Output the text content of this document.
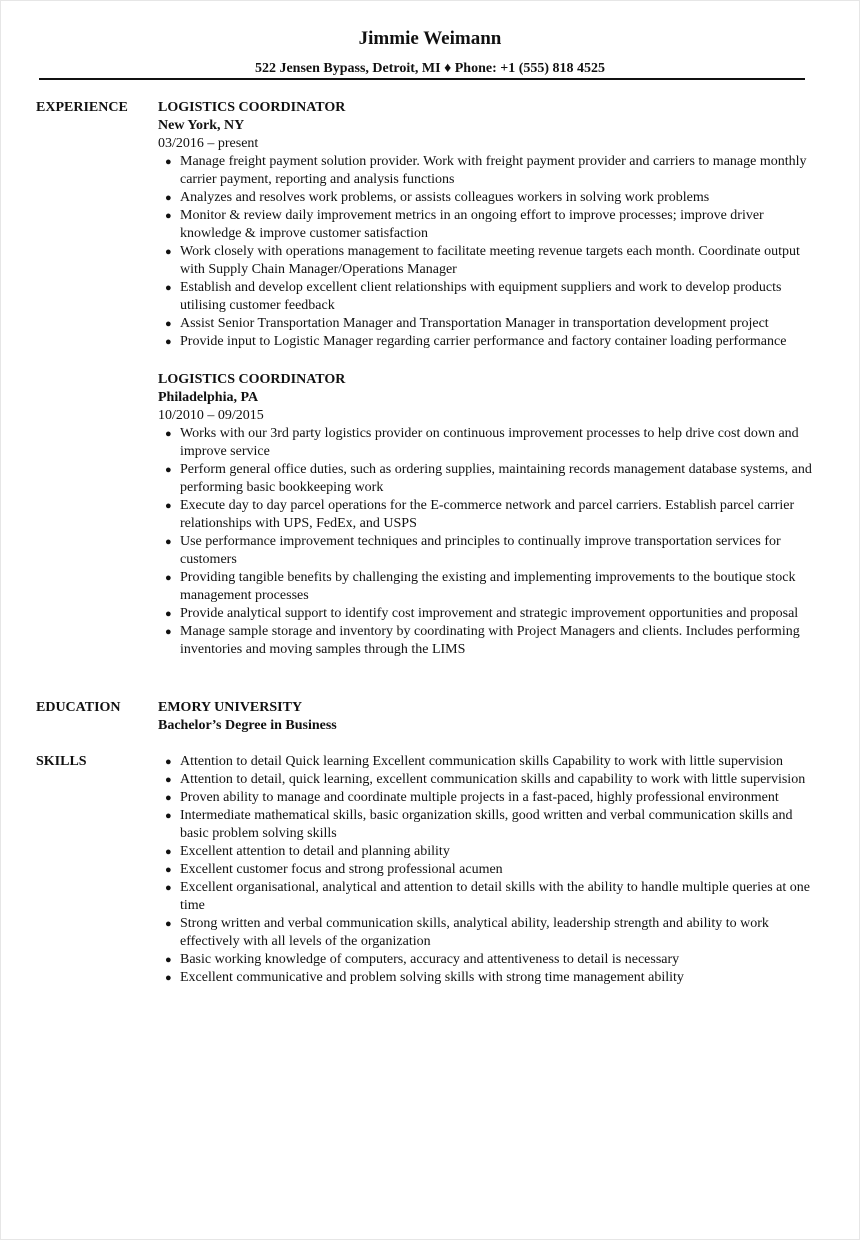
Jimmie Weimann
522 Jensen Bypass, Detroit, MI ♦ Phone: +1 (555) 818 4525
EXPERIENCE	LOGISTICS COORDINATOR
New York, NY
03/2016 – present
● Manage freight payment solution provider. Work with freight payment provider and carriers to manage monthly carrier payment, reporting and analysis functions
● Analyzes and resolves work problems, or assists colleagues workers in solving work problems
● Monitor & review daily improvement metrics in an ongoing effort to improve processes; improve driver knowledge & improve customer satisfaction
● Work closely with operations management to facilitate meeting revenue targets each month. Coordinate output with Supply Chain Manager/Operations Manager
● Establish and develop excellent client relationships with equipment suppliers and work to develop products utilising customer feedback
● Assist Senior Transportation Manager and Transportation Manager in transportation development project
● Provide input to Logistic Manager regarding carrier performance and factory container loading performance
LOGISTICS COORDINATOR
Philadelphia, PA
10/2010 – 09/2015
● Works with our 3rd party logistics provider on continuous improvement processes to help drive cost down and improve service
● Perform general office duties, such as ordering supplies, maintaining records management database systems, and performing basic bookkeeping work
● Execute day to day parcel operations for the E-commerce network and parcel carriers. Establish parcel carrier relationships with UPS, FedEx, and USPS
● Use performance improvement techniques and principles to continually improve transportation services for customers
● Providing tangible benefits by challenging the existing and implementing improvements to the boutique stock management processes
● Provide analytical support to identify cost improvement and strategic improvement opportunities and proposal
● Manage sample storage and inventory by coordinating with Project Managers and clients. Includes performing inventories and moving samples through the LIMS
EDUCATION	EMORY UNIVERSITY
Bachelor’s Degree in Business
SKILLS	● Attention to detail Quick learning Excellent communication skills Capability to work with little supervision
● Attention to detail, quick learning, excellent communication skills and capability to work with little supervision
● Proven ability to manage and coordinate multiple projects in a fast-paced, highly professional environment
● Intermediate mathematical skills, basic organization skills, good written and verbal communication skills and basic problem solving skills
● Excellent attention to detail and planning ability
● Excellent customer focus and strong professional acumen
● Excellent organisational, analytical and attention to detail skills with the ability to handle multiple queries at one time
● Strong written and verbal communication skills, analytical ability, leadership strength and ability to work effectively with all levels of the organization
● Basic working knowledge of computers, accuracy and attentiveness to detail is necessary
● Excellent communicative and problem solving skills with strong time management ability
